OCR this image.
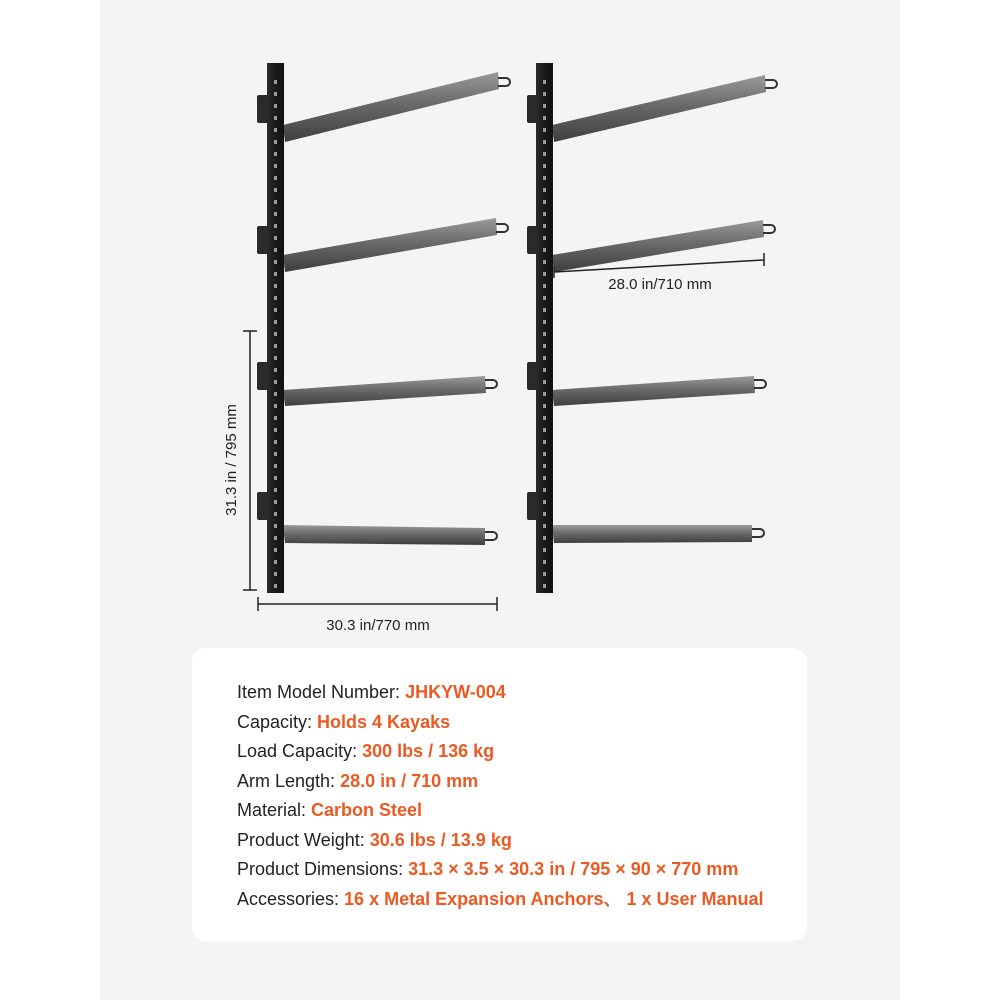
31.3 in / 795 mm
30.3 in/770 mm
28.0 in/710 mm
Item Model Number: JHKYW-004
Capacity: Holds 4 Kayaks
Load Capacity: 300 lbs / 136 kg
Arm Length: 28.0 in / 710 mm
Material: Carbon Steel
Product Weight: 30.6 lbs / 13.9 kg
Product Dimensions: 31.3 × 3.5 × 30.3 in / 795 × 90 × 770 mm
Accessories: 16 x Metal Expansion Anchors、 1 x User Manual
